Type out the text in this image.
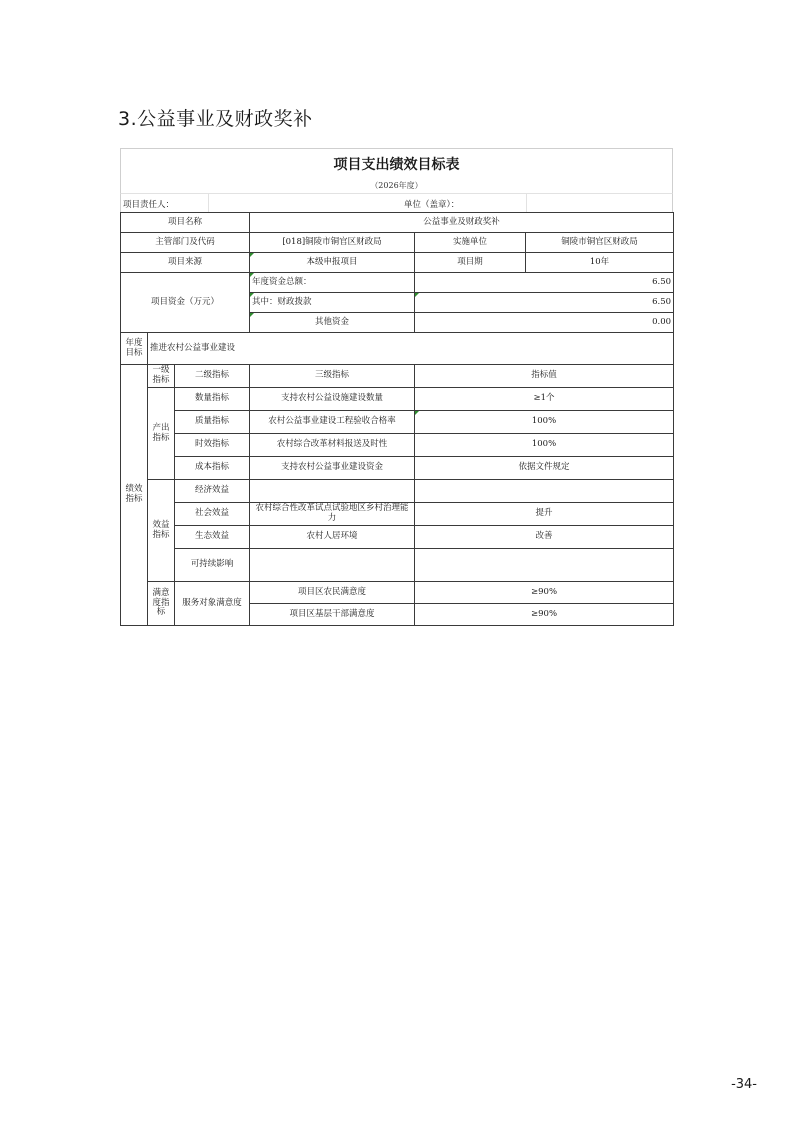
3.公益事业及财政奖补
项目支出绩效目标表
（2026年度）
项目责任人：	单位（盖章）：
项目名称			公益事业及财政奖补		
主管部门及代码			[018]铜陵市铜官区财政局	实施单位	铜陵市铜官区财政局
项目来源			本级申报项目	项目期	10年
项目资金（万元）			年度资金总额：	6.50	

其中：财政拨款	6.50	

其他资金	0.00	
年度目标	推进农村公益事业建设				
绩效指标	一级指标	二级指标	三级指标	指标值	
	产出指标	数量指标	支持农村公益设施建设数量	≥1个	
		质量指标	农村公益事业建设工程验收合格率	100%	
		时效指标	农村综合改革材料报送及时性	100%	
		成本指标	支持农村公益事业建设资金	依据文件规定	
	效益指标	经济效益			
		社会效益	农村综合性改革试点试验地区乡村治理能力	提升	
		生态效益	农村人居环境	改善	
		可持续影响			
	满意度指标	服务对象满意度	项目区农民满意度	≥90%	
			项目区基层干部满意度	≥90%	
-34-
